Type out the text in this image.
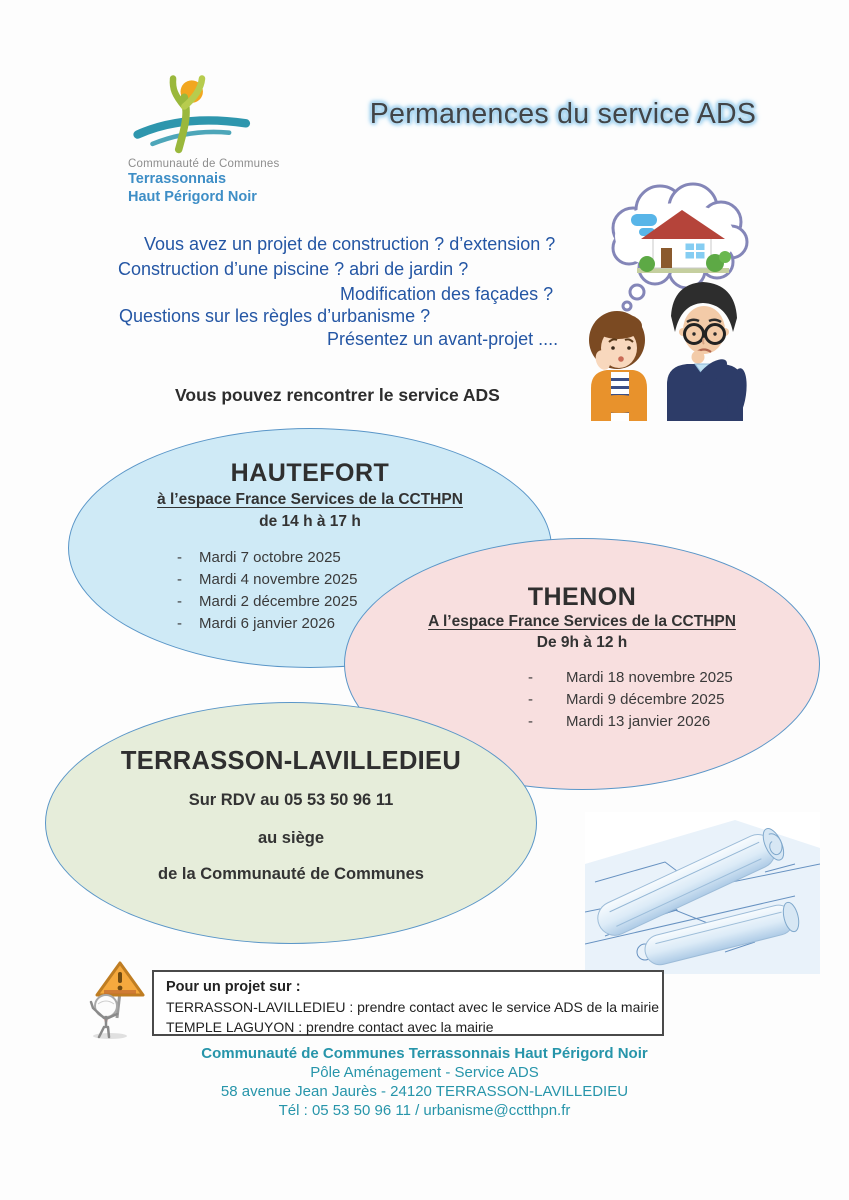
Communauté de Communes
Terrassonnais
Haut Périgord Noir
Permanences du service ADS
Vous avez un projet de construction ? d’extension ?
Construction d’une piscine ? abri de jardin ?
Modification des façades ?
Questions sur les règles d’urbanisme ?
Présentez un avant-projet ....
Vous pouvez rencontrer le service ADS
HAUTEFORT
à l’espace France Services de la CCTHPN
de 14 h à 17 h
- Mardi 7 octobre 2025
- Mardi 4 novembre 2025
- Mardi 2 décembre 2025
- Mardi 6 janvier 2026
THENON
A l’espace France Services de la CCTHPN
De 9h à 12 h
- Mardi 18 novembre 2025
- Mardi 9 décembre 2025
- Mardi 13 janvier 2026
TERRASSON-LAVILLEDIEU
Sur RDV au 05 53 50 96 11
au siège
de la Communauté de Communes
Pour un projet sur :
TERRASSON-LAVILLEDIEU : prendre contact avec le service ADS de la mairie
TEMPLE LAGUYON : prendre contact avec la mairie
Communauté de Communes Terrassonnais Haut Périgord Noir
Pôle Aménagement - Service ADS
58 avenue Jean Jaurès - 24120 TERRASSON-LAVILLEDIEU
Tél : 05 53 50 96 11 / urbanisme@cctthpn.fr
